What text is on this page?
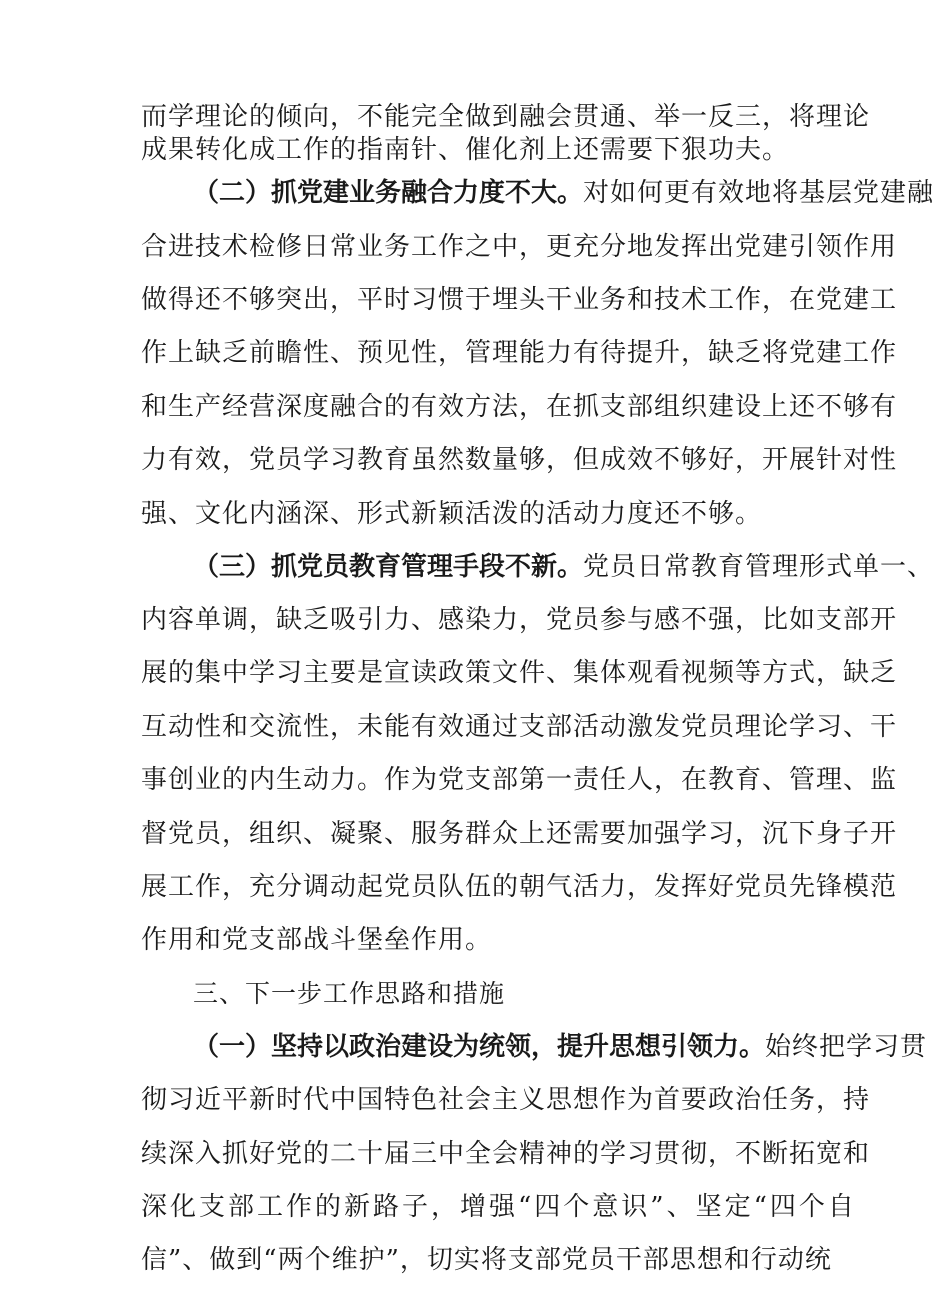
而学理论的倾向，不能完全做到融会贯通、举一反三，将理论
成果转化成工作的指南针、催化剂上还需要下狠功夫。
（二）抓党建业务融合力度不大。对如何更有效地将基层党建融
合进技术检修日常业务工作之中，更充分地发挥出党建引领作用
做得还不够突出，平时习惯于埋头干业务和技术工作，在党建工
作上缺乏前瞻性、预见性，管理能力有待提升，缺乏将党建工作
和生产经营深度融合的有效方法，在抓支部组织建设上还不够有
力有效，党员学习教育虽然数量够，但成效不够好，开展针对性
强、文化内涵深、形式新颖活泼的活动力度还不够。
（三）抓党员教育管理手段不新。党员日常教育管理形式单一、
内容单调，缺乏吸引力、感染力，党员参与感不强，比如支部开
展的集中学习主要是宣读政策文件、集体观看视频等方式，缺乏
互动性和交流性，未能有效通过支部活动激发党员理论学习、干
事创业的内生动力。作为党支部第一责任人，在教育、管理、监
督党员，组织、凝聚、服务群众上还需要加强学习，沉下身子开
展工作，充分调动起党员队伍的朝气活力，发挥好党员先锋模范
作用和党支部战斗堡垒作用。
三、下一步工作思路和措施
（一）坚持以政治建设为统领，提升思想引领力。始终把学习贯
彻习近平新时代中国特色社会主义思想作为首要政治任务，持
续深入抓好党的二十届三中全会精神的学习贯彻，不断拓宽和
深化支部工作的新路子，增强“四个意识”、坚定“四个自
信”、做到“两个维护”，切实将支部党员干部思想和行动统
